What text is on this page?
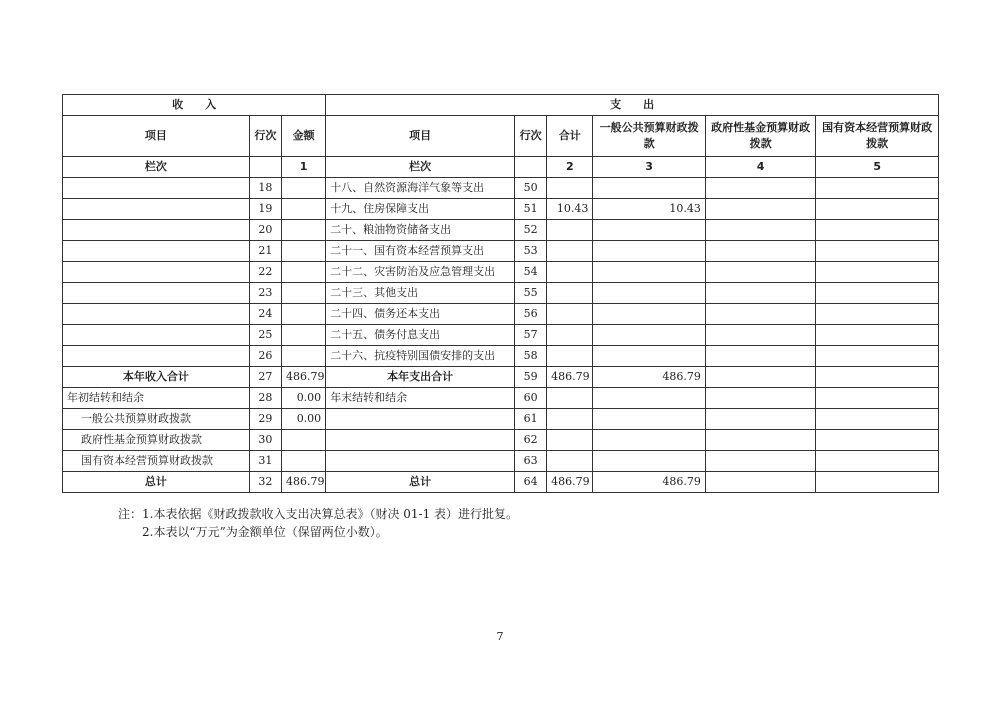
收　　入			支　　出					
项目	行次	金额	项目	行次	合计	一般公共预算财政拨款	政府性基金预算财政拨款	国有资本经营预算财政拨款
栏次		1	栏次		2	3	4	5
	18		十八、自然资源海洋气象等支出	50				
	19		十九、住房保障支出	51	10.43	10.43		
	20		二十、粮油物资储备支出	52				
	21		二十一、国有资本经营预算支出	53				
	22		二十二、灾害防治及应急管理支出	54				
	23		二十三、其他支出	55				
	24		二十四、债务还本支出	56				
	25		二十五、债务付息支出	57				
	26		二十六、抗疫特别国债安排的支出	58				
本年收入合计	27	486.79	本年支出合计	59	486.79	486.79		
年初结转和结余	28	0.00	年末结转和结余	60				
一般公共预算财政拨款	29	0.00		61				
政府性基金预算财政拨款	30			62				
国有资本经营预算财政拨款	31			63				
总计	32	486.79	总计	64	486.79	486.79		
注：1.本表依据《财政拨款收入支出决算总表》（财决 01-1 表）进行批复。
2.本表以“万元”为金额单位（保留两位小数）。
7
